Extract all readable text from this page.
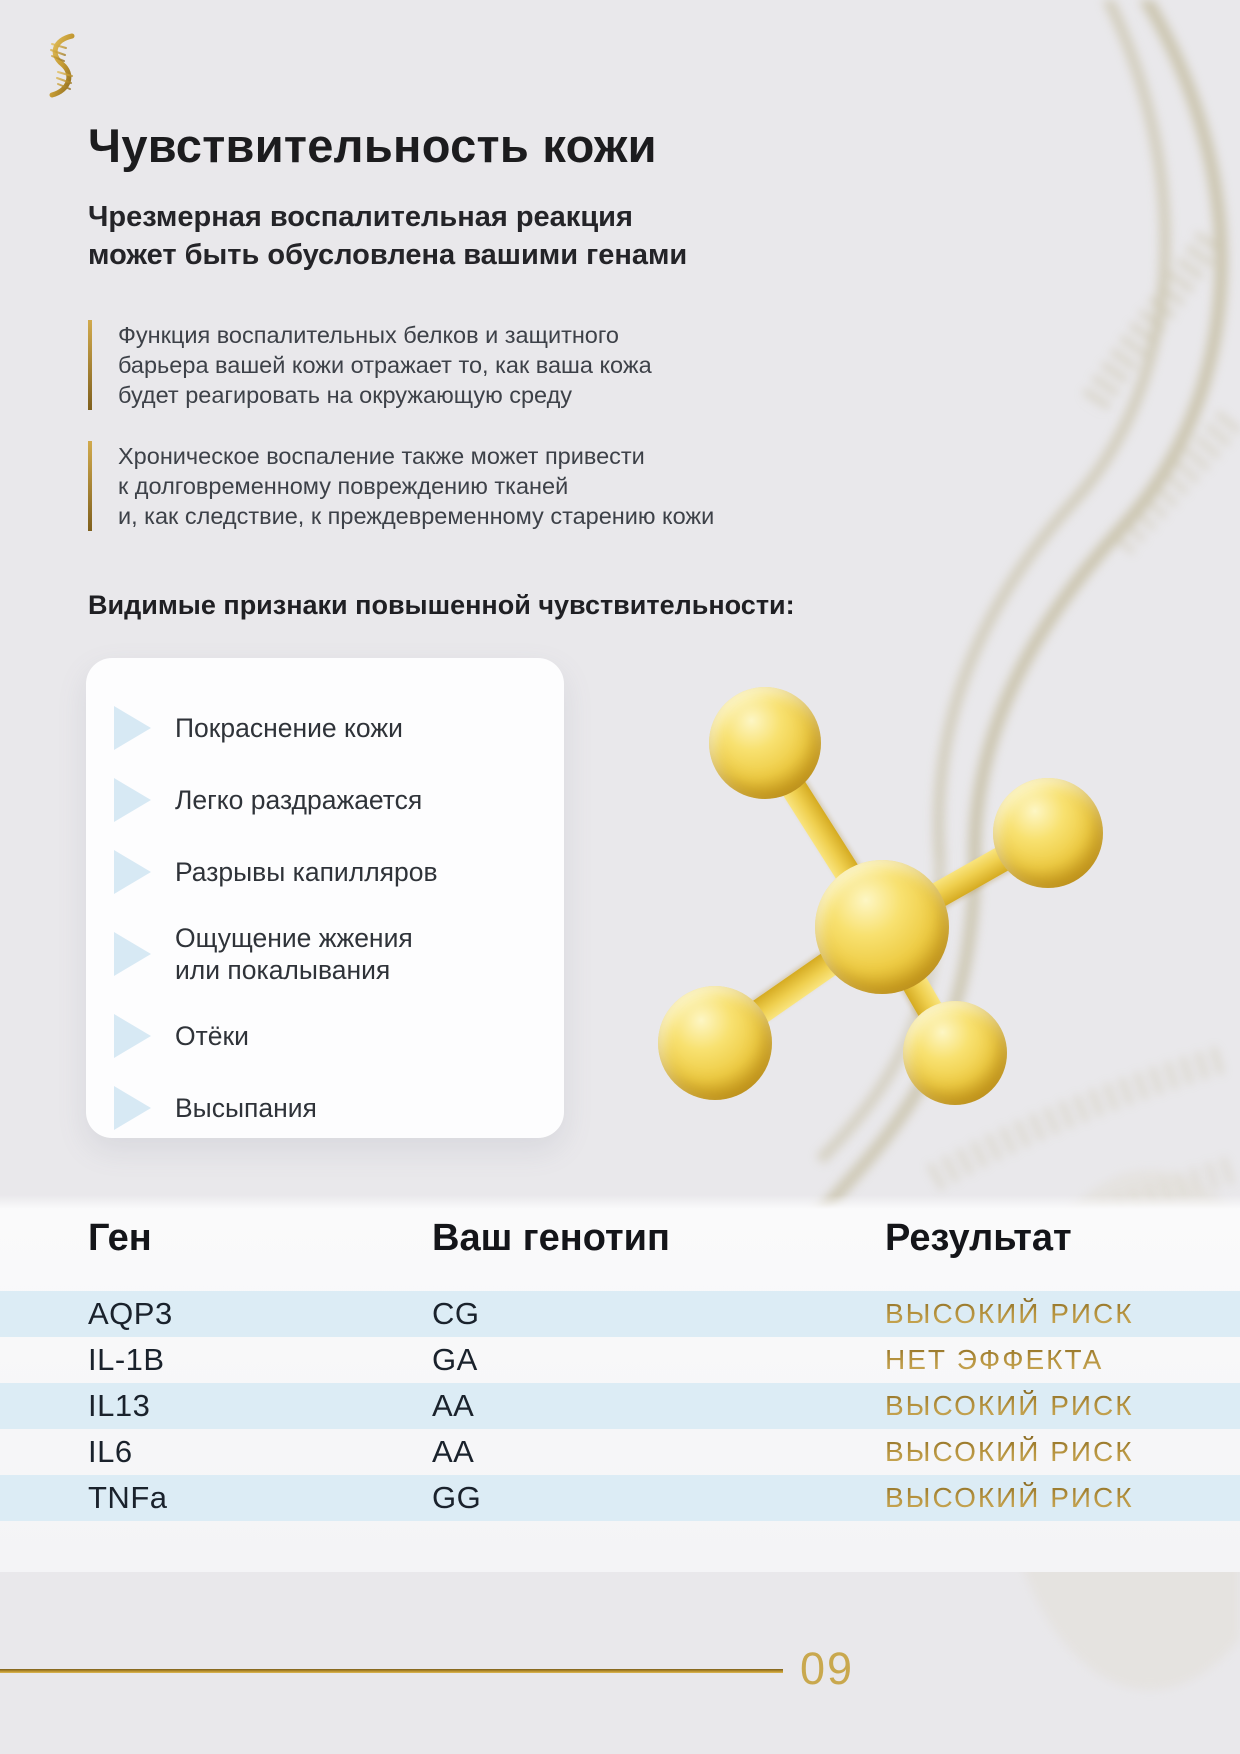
Чувствительность кожи
Чрезмерная воспалительная реакция
может быть обусловлена вашими генами
Функция воспалительных белков и защитного
барьера вашей кожи отражает то, как ваша кожа
будет реагировать на окружающую среду
Хроническое воспаление также может привести
к долговременному повреждению тканей
и, как следствие, к преждевременному старению кожи
Видимые признаки повышенной чувствительности:
Покраснение кожи
Легко раздражается
Разрывы капилляров
Ощущение жжения или покалывания
Отёки
Высыпания
Ген	Ваш генотип	Результат
AQP3	CG	ВЫСОКИЙ РИСК
IL-1B	GA	НЕТ ЭФФЕКТА
IL13	AA	ВЫСОКИЙ РИСК
IL6	AA	ВЫСОКИЙ РИСК
TNFa	GG	ВЫСОКИЙ РИСК
09
